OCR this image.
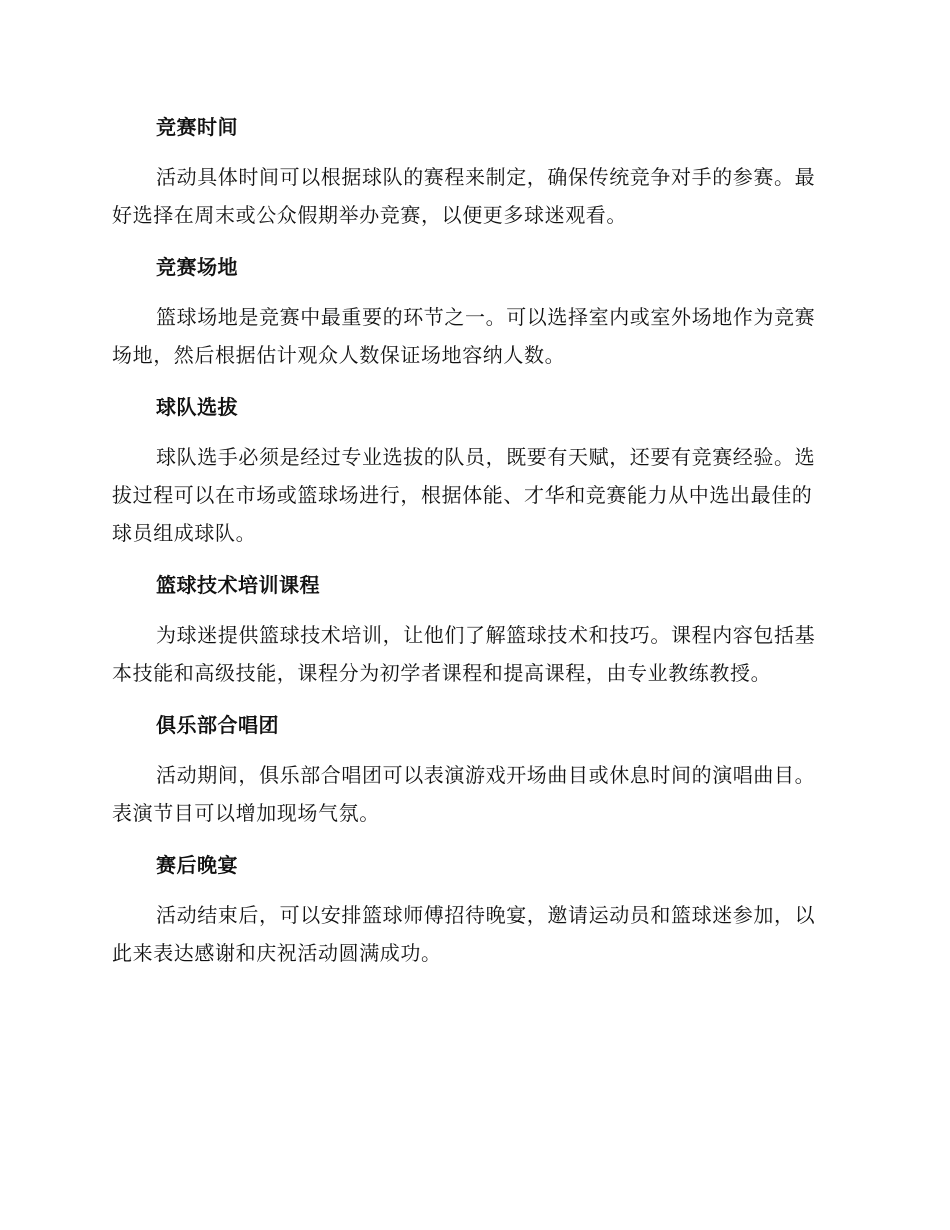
竞赛时间

活动具体时间可以根据球队的赛程来制定，确保传统竞争对手的参赛。最好选择在周末或公众假期举办竞赛，以便更多球迷观看。

竞赛场地

篮球场地是竞赛中最重要的环节之一。可以选择室内或室外场地作为竞赛场地，然后根据估计观众人数保证场地容纳人数。

球队选拔

球队选手必须是经过专业选拔的队员，既要有天赋，还要有竞赛经验。选拔过程可以在市场或篮球场进行，根据体能、才华和竞赛能力从中选出最佳的球员组成球队。

篮球技术培训课程

为球迷提供篮球技术培训，让他们了解篮球技术和技巧。课程内容包括基本技能和高级技能，课程分为初学者课程和提高课程，由专业教练教授。

俱乐部合唱团

活动期间，俱乐部合唱团可以表演游戏开场曲目或休息时间的演唱曲目。表演节目可以增加现场气氛。

赛后晚宴

活动结束后，可以安排篮球师傅招待晚宴，邀请运动员和篮球迷参加，以此来表达感谢和庆祝活动圆满成功。
